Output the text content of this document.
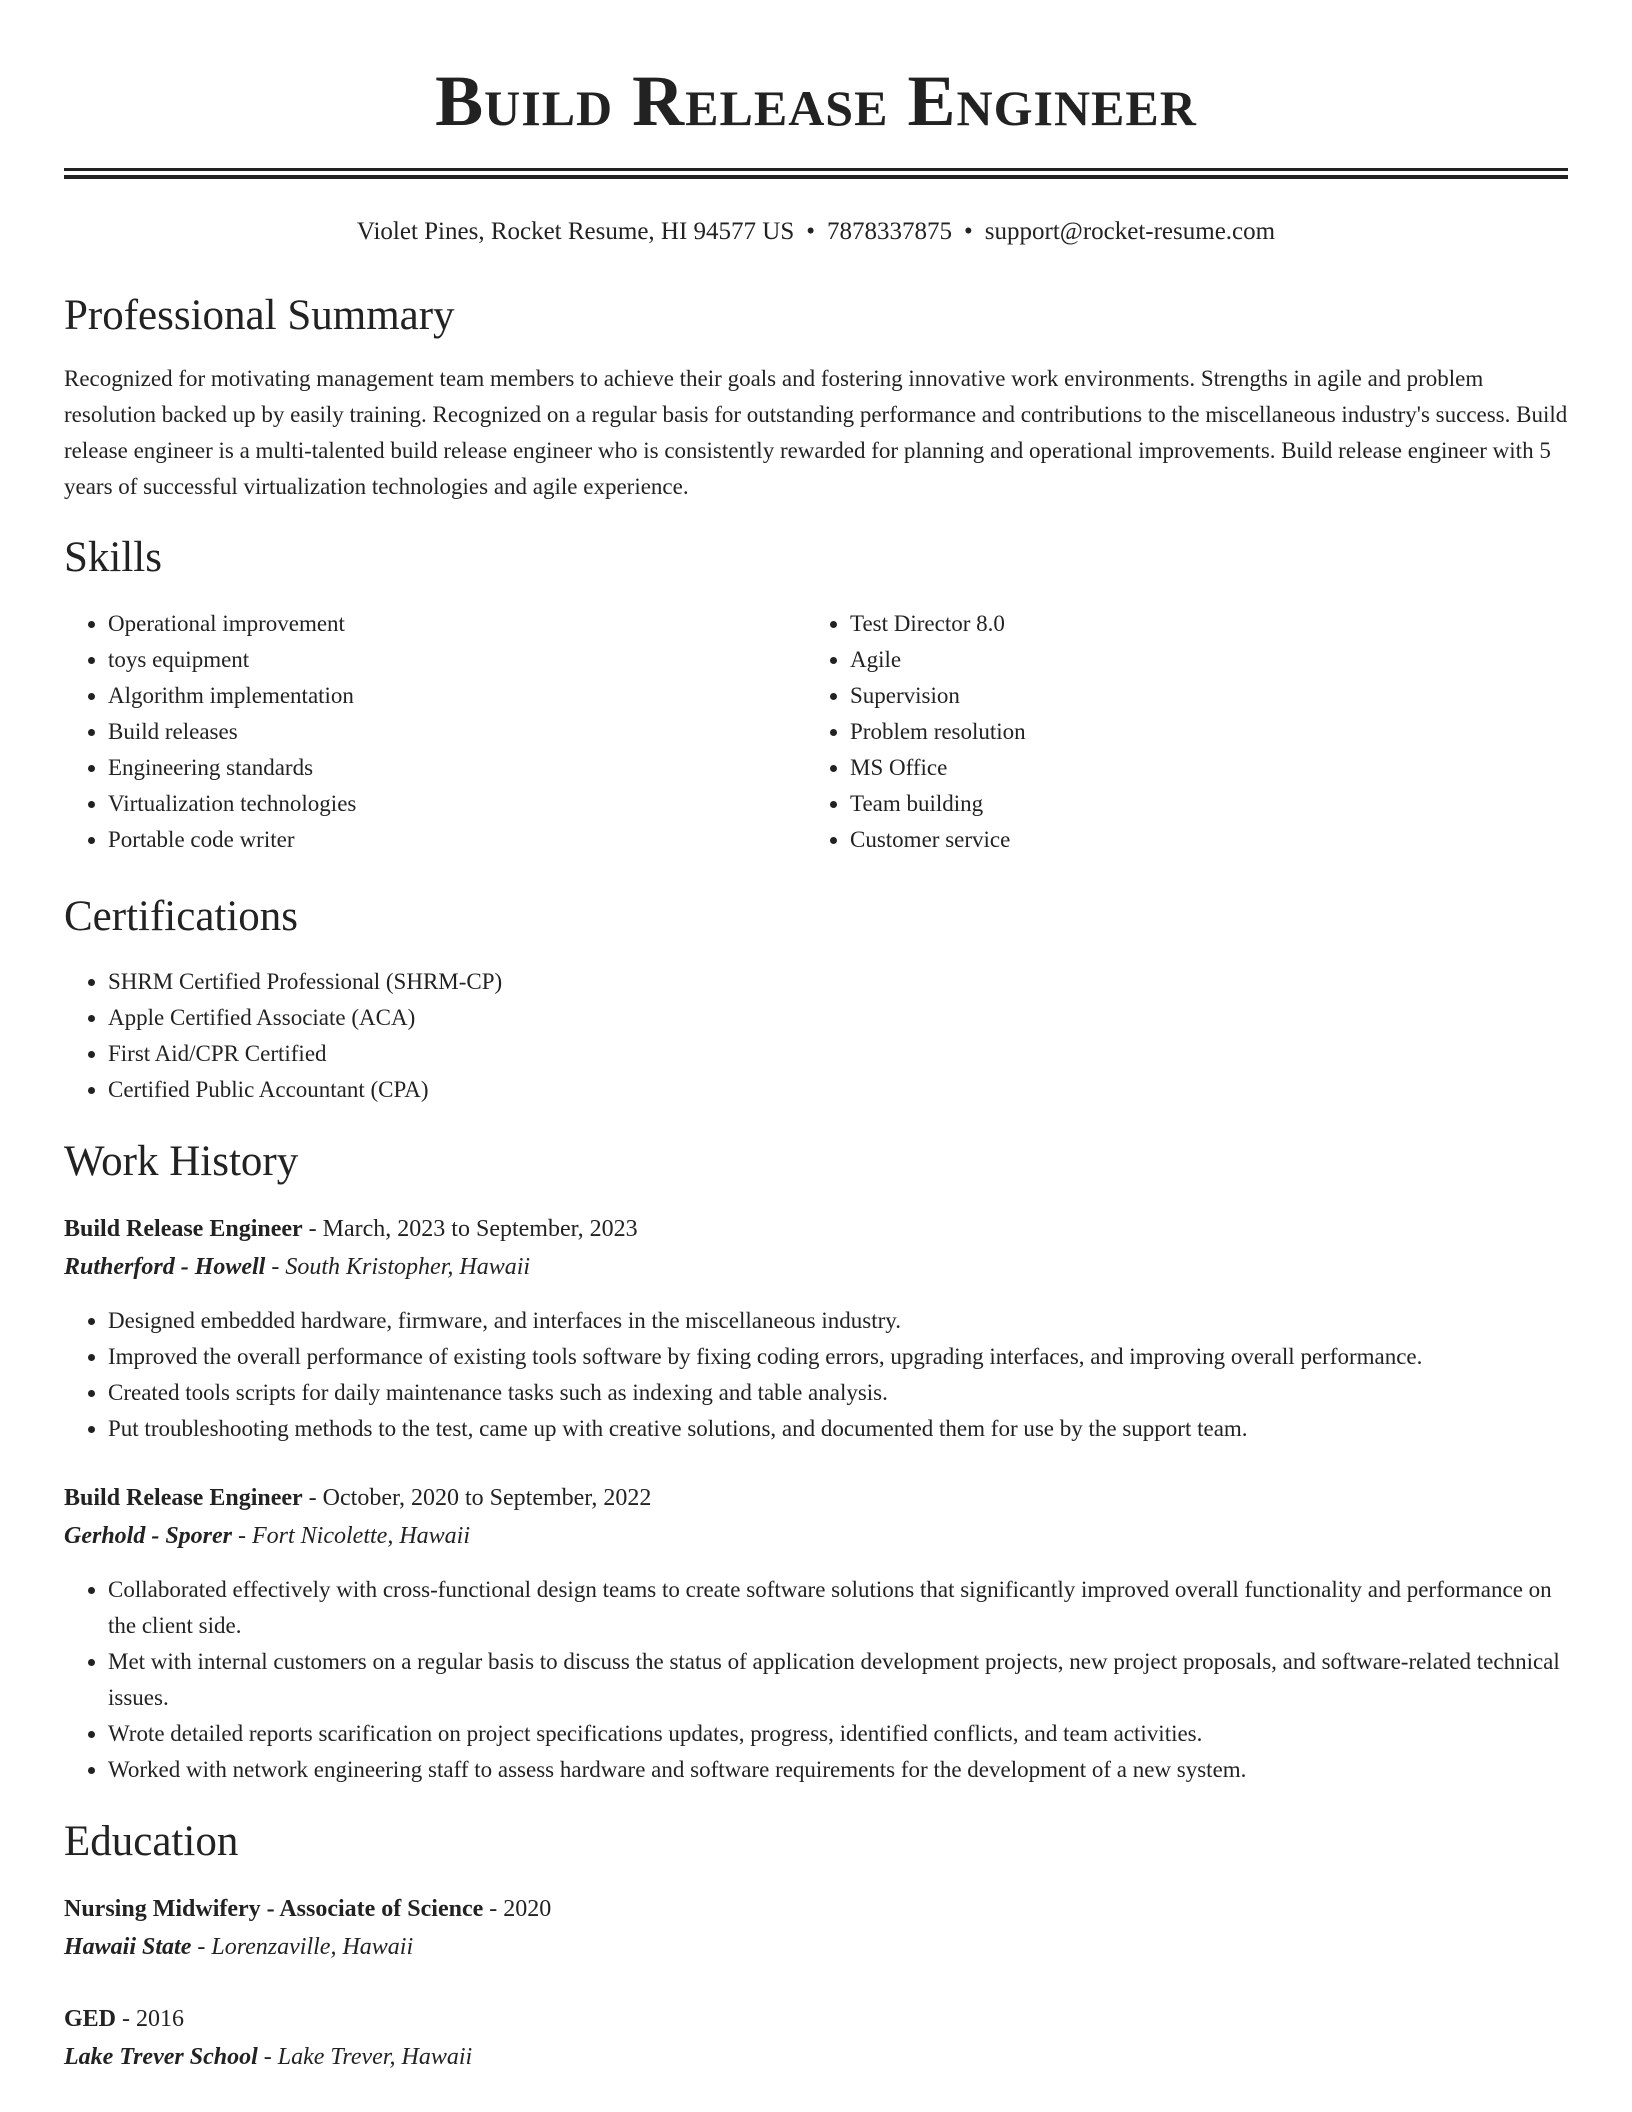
Build Release Engineer
Violet Pines, Rocket Resume, HI 94577 US • 7878337875 • support@rocket-resume.com
Professional Summary
Recognized for motivating management team members to achieve their goals and fostering innovative work environments. Strengths in agile and problem resolution backed up by easily training. Recognized on a regular basis for outstanding performance and contributions to the miscellaneous industry's success. Build release engineer is a multi-talented build release engineer who is consistently rewarded for planning and operational improvements. Build release engineer with 5 years of successful virtualization technologies and agile experience.
Skills
• Operational improvement
• toys equipment
• Algorithm implementation
• Build releases
• Engineering standards
• Virtualization technologies
• Portable code writer
• Test Director 8.0
• Agile
• Supervision
• Problem resolution
• MS Office
• Team building
• Customer service
Certifications
• SHRM Certified Professional (SHRM-CP)
• Apple Certified Associate (ACA)
• First Aid/CPR Certified
• Certified Public Accountant (CPA)
Work History
Build Release Engineer - March, 2023 to September, 2023
Rutherford - Howell - South Kristopher, Hawaii
• Designed embedded hardware, firmware, and interfaces in the miscellaneous industry.
• Improved the overall performance of existing tools software by fixing coding errors, upgrading interfaces, and improving overall performance.
• Created tools scripts for daily maintenance tasks such as indexing and table analysis.
• Put troubleshooting methods to the test, came up with creative solutions, and documented them for use by the support team.
Build Release Engineer - October, 2020 to September, 2022
Gerhold - Sporer - Fort Nicolette, Hawaii
• Collaborated effectively with cross-functional design teams to create software solutions that significantly improved overall functionality and performance on the client side.
• Met with internal customers on a regular basis to discuss the status of application development projects, new project proposals, and software-related technical issues.
• Wrote detailed reports scarification on project specifications updates, progress, identified conflicts, and team activities.
• Worked with network engineering staff to assess hardware and software requirements for the development of a new system.
Education
Nursing Midwifery - Associate of Science - 2020
Hawaii State - Lorenzaville, Hawaii
GED - 2016
Lake Trever School - Lake Trever, Hawaii
